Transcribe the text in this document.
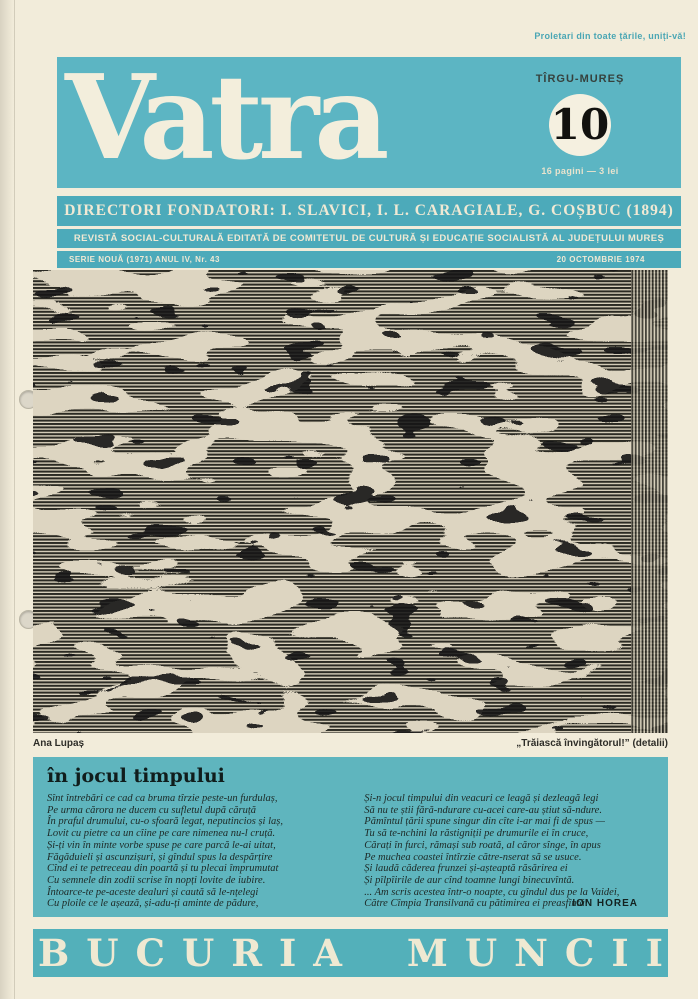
Proletari din toate țările, uniți-vă!
Vatra	TÎRGU-MUREȘ
10
16 pagini — 3 lei
DIRECTORI FONDATORI: I. SLAVICI, I. L. CARAGIALE, G. COȘBUC (1894)
REVISTĂ SOCIAL-CULTURALĂ EDITATĂ DE COMITETUL DE CULTURĂ ȘI EDUCAȚIE SOCIALISTĂ AL JUDEȚULUI MUREȘ
SERIE NOUĂ (1971) ANUL IV, Nr. 43	20 OCTOMBRIE 1974
Ana Lupaș	„Trăiască învingătorul!” (detalii)
în jocul timpului
Sînt întrebări ce cad ca bruma tîrzie peste-un furdulaș,
Pe urma cărora ne ducem cu sufletul după căruță
În praful drumului, cu-o sfoară legat, neputincios și laș,
Lovit cu pietre ca un cîine pe care nimenea nu-l cruță.
Și-ți vin în minte vorbe spuse pe care parcă le-ai uitat,
Făgăduieli și ascunzișuri, și gîndul spus la despărțire
Cînd ei te petreceau din poartă și tu plecai împrumutat
Cu semnele din zodii scrise în nopți lovite de iubire.
Întoarce-te pe-aceste dealuri și caută să le-nțelegi
Cu ploile ce le așează, și-adu-ți aminte de pădure,
Și-n jocul timpului din veacuri ce leagă și dezleagă legi
Să nu te știi fără-ndurare cu-acei care-au știut să-ndure.
Pămîntul țării spune singur din cîte i-ar mai fi de spus —
Tu să te-nchini la răstigniții pe drumurile ei în cruce,
Cărați în furci, rămași sub roată, al căror sînge, în apus
Pe muchea coastei întîrzie către-nserat să se usuce.
Și laudă căderea frunzei și-așteaptă răsărirea ei
Și pîlpîirile de aur cînd toamne lungi binecuvîntă.
... Am scris acestea într-o noapte, cu gîndul dus pe la Vaidei,
Către Cîmpia Transilvană cu pătimirea ei preasfîntă!
ION HOREA
BUCURIA MUNCII
